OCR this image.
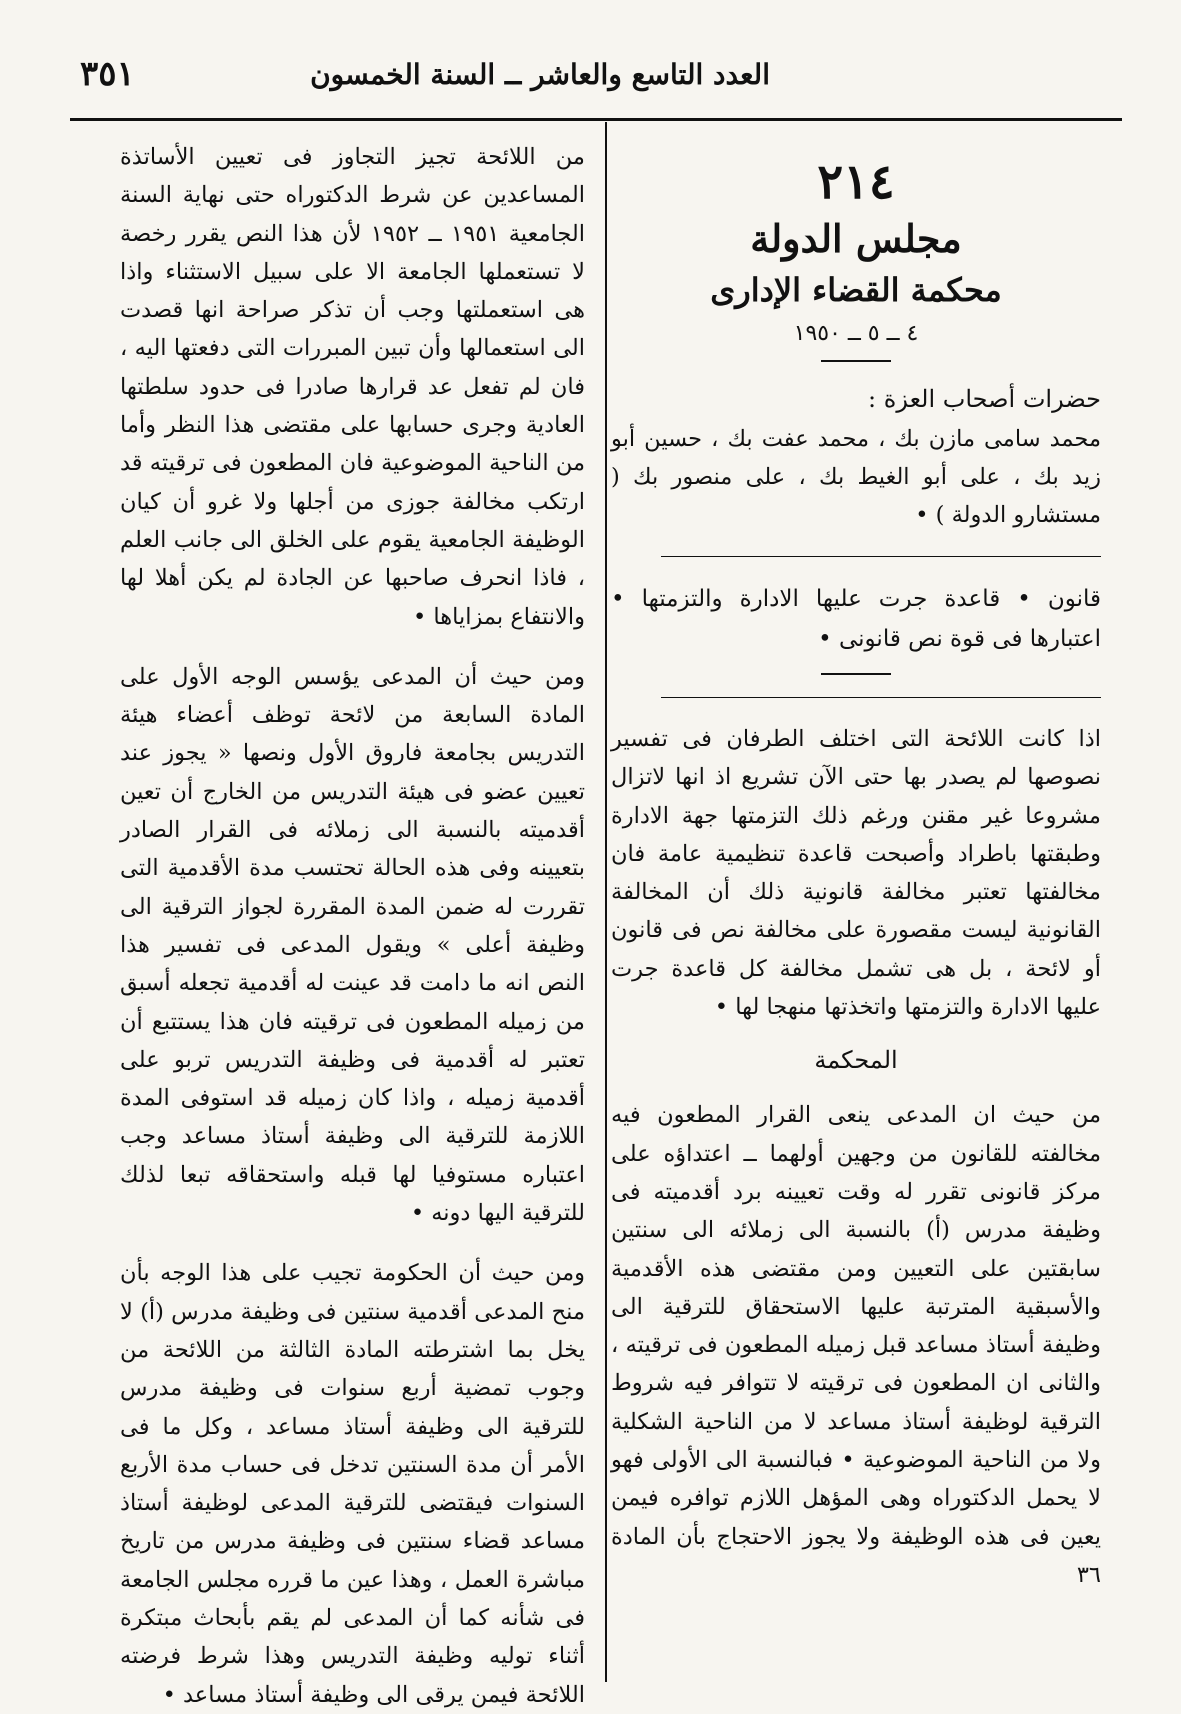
العدد التاسع والعاشر ــ السنة الخمسون
٣٥١
٢١٤
مجلس الدولة
محكمة القضاء الإدارى
٤ ــ ٥ ــ ١٩٥٠

حضرات أصحاب العزة :

محمد سامى مازن بك ، محمد عفت بك ، حسين أبو زيد بك ، على أبو الغيط بك ، على منصور بك ( مستشارو الدولة ) •

قانون • قاعدة جرت عليها الادارة والتزمتها • اعتبارها فى قوة نص قانونى •

اذا كانت اللائحة التى اختلف الطرفان فى تفسير نصوصها لم يصدر بها حتى الآن تشريع اذ انها لاتزال مشروعا غير مقنن ورغم ذلك التزمتها جهة الادارة وطبقتها باطراد وأصبحت قاعدة تنظيمية عامة فان مخالفتها تعتبر مخالفة قانونية ذلك أن المخالفة القانونية ليست مقصورة على مخالفة نص فى قانون أو لائحة ، بل هى تشمل مخالفة كل قاعدة جرت عليها الادارة والتزمتها واتخذتها منهجا لها •

المحكمة

من حيث ان المدعى ينعى القرار المطعون فيه مخالفته للقانون من وجهين أولهما ــ اعتداؤه على مركز قانونى تقرر له وقت تعيينه برد أقدميته فى وظيفة مدرس (أ) بالنسبة الى زملائه الى سنتين سابقتين على التعيين ومن مقتضى هذه الأقدمية والأسبقية المترتبة عليها الاستحقاق للترقية الى وظيفة أستاذ مساعد قبل زميله المطعون فى ترقيته ، والثانى ان المطعون فى ترقيته لا تتوافر فيه شروط الترقية لوظيفة أستاذ مساعد لا من الناحية الشكلية ولا من الناحية الموضوعية • فبالنسبة الى الأولى فهو لا يحمل الدكتوراه وهى المؤهل اللازم توافره فيمن يعين فى هذه الوظيفة ولا يجوز الاحتجاج بأن المادة ٣٦

من اللائحة تجيز التجاوز فى تعيين الأساتذة المساعدين عن شرط الدكتوراه حتى نهاية السنة الجامعية ١٩٥١ ــ ١٩٥٢ لأن هذا النص يقرر رخصة لا تستعملها الجامعة الا على سبيل الاستثناء واذا هى استعملتها وجب أن تذكر صراحة انها قصدت الى استعمالها وأن تبين المبررات التى دفعتها اليه ، فان لم تفعل عد قرارها صادرا فى حدود سلطتها العادية وجرى حسابها على مقتضى هذا النظر وأما من الناحية الموضوعية فان المطعون فى ترقيته قد ارتكب مخالفة جوزى من أجلها ولا غرو أن كيان الوظيفة الجامعية يقوم على الخلق الى جانب العلم ، فاذا انحرف صاحبها عن الجادة لم يكن أهلا لها والانتفاع بمزاياها •

ومن حيث أن المدعى يؤسس الوجه الأول على المادة السابعة من لائحة توظف أعضاء هيئة التدريس بجامعة فاروق الأول ونصها « يجوز عند تعيين عضو فى هيئة التدريس من الخارج أن تعين أقدميته بالنسبة الى زملائه فى القرار الصادر بتعيينه وفى هذه الحالة تحتسب مدة الأقدمية التى تقررت له ضمن المدة المقررة لجواز الترقية الى وظيفة أعلى » ويقول المدعى فى تفسير هذا النص انه ما دامت قد عينت له أقدمية تجعله أسبق من زميله المطعون فى ترقيته فان هذا يستتبع أن تعتبر له أقدمية فى وظيفة التدريس تربو على أقدمية زميله ، واذا كان زميله قد استوفى المدة اللازمة للترقية الى وظيفة أستاذ مساعد وجب اعتباره مستوفيا لها قبله واستحقاقه تبعا لذلك للترقية اليها دونه •

ومن حيث أن الحكومة تجيب على هذا الوجه بأن منح المدعى أقدمية سنتين فى وظيفة مدرس (أ) لا يخل بما اشترطته المادة الثالثة من اللائحة من وجوب تمضية أربع سنوات فى وظيفة مدرس للترقية الى وظيفة أستاذ مساعد ، وكل ما فى الأمر أن مدة السنتين تدخل فى حساب مدة الأربع السنوات فيقتضى للترقية المدعى لوظيفة أستاذ مساعد قضاء سنتين فى وظيفة مدرس من تاريخ مباشرة العمل ، وهذا عين ما قرره مجلس الجامعة فى شأنه كما أن المدعى لم يقم بأبحاث مبتكرة أثناء توليه وظيفة التدريس وهذا شرط فرضته اللائحة فيمن يرقى الى وظيفة أستاذ مساعد •
